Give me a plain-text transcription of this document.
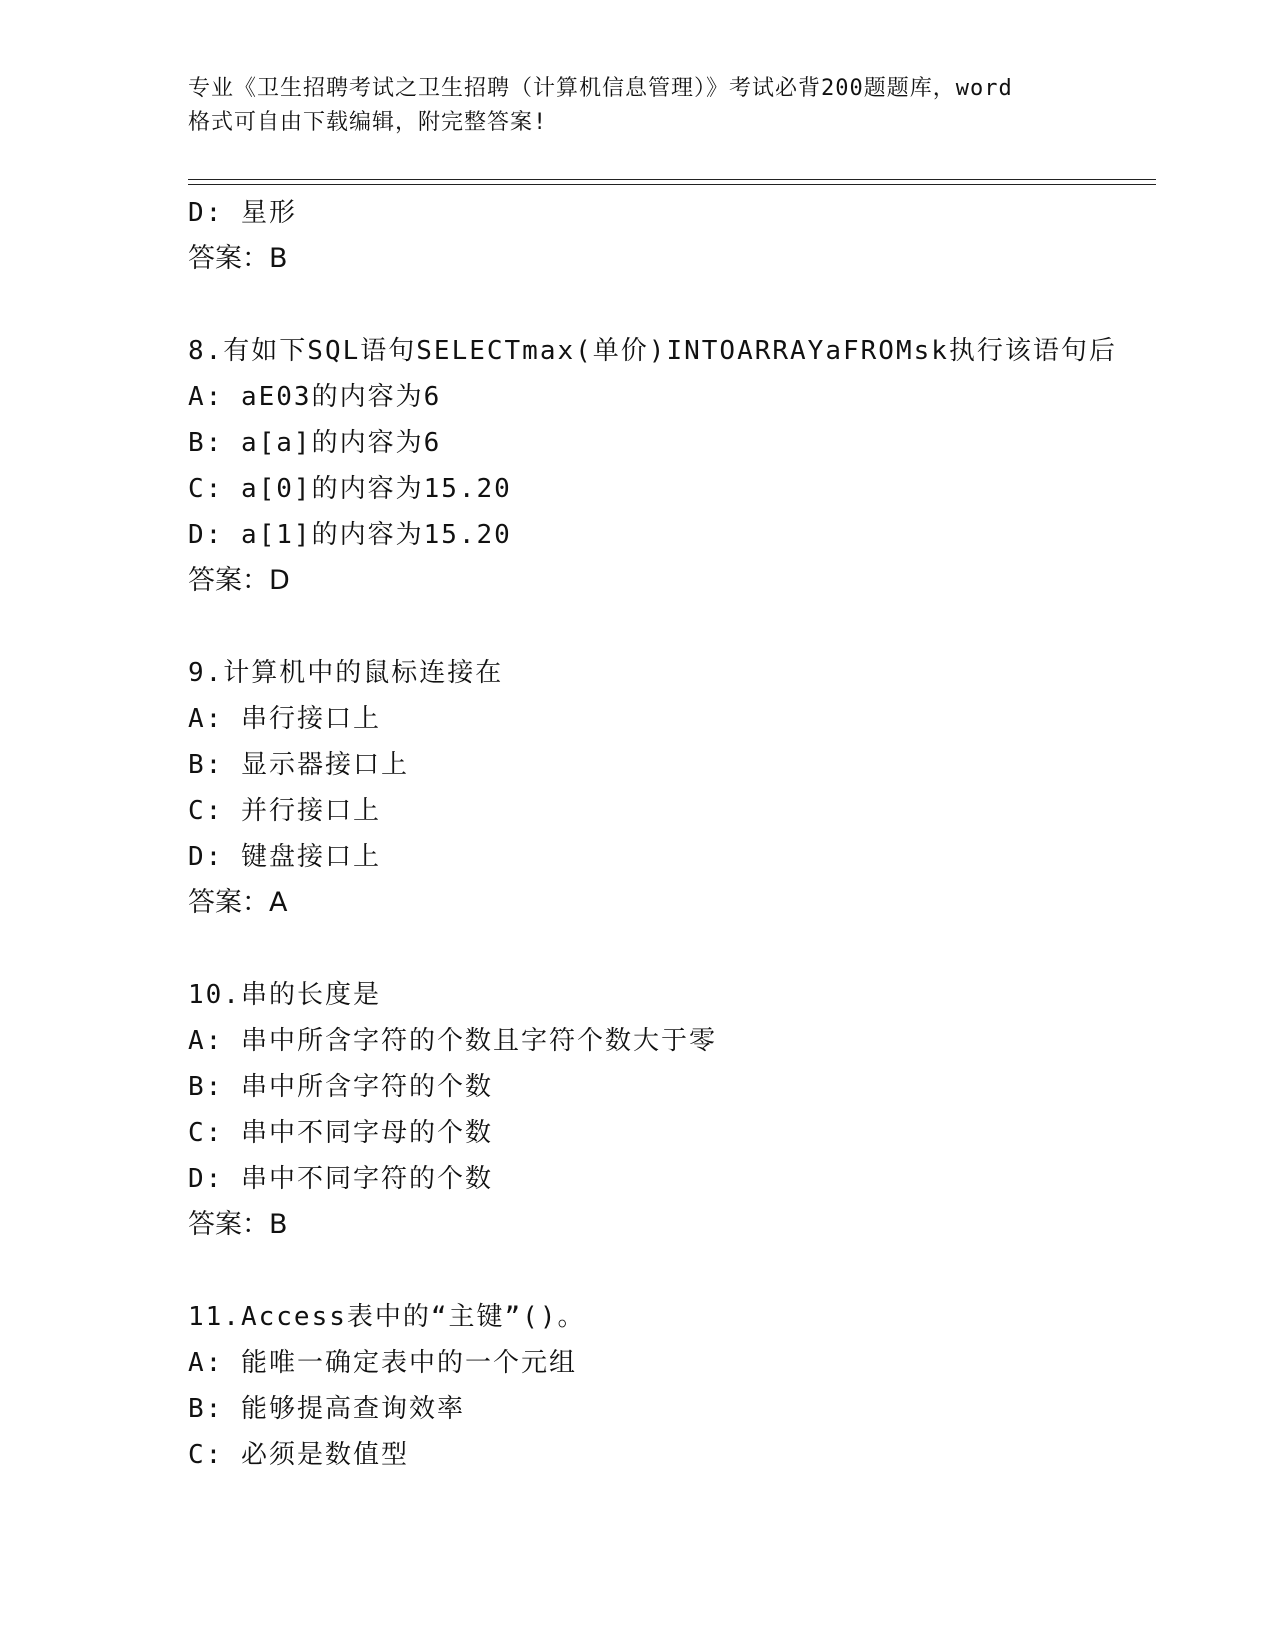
专业《卫生招聘考试之卫生招聘（计算机信息管理）》考试必背200题题库，word
格式可自由下载编辑，附完整答案!
D: 星形
答案：B
8.有如下SQL语句SELECTmax(单价)INTOARRAYaFROMsk执行该语句后
A: aE03的内容为6
B: a[a]的内容为6
C: a[0]的内容为15.20
D: a[1]的内容为15.20
答案：D
9.计算机中的鼠标连接在
A: 串行接口上
B: 显示器接口上
C: 并行接口上
D: 键盘接口上
答案：A
10.串的长度是
A: 串中所含字符的个数且字符个数大于零
B: 串中所含字符的个数
C: 串中不同字母的个数
D: 串中不同字符的个数
答案：B
11.Access表中的“主键”()。
A: 能唯一确定表中的一个元组
B: 能够提高查询效率
C: 必须是数值型
